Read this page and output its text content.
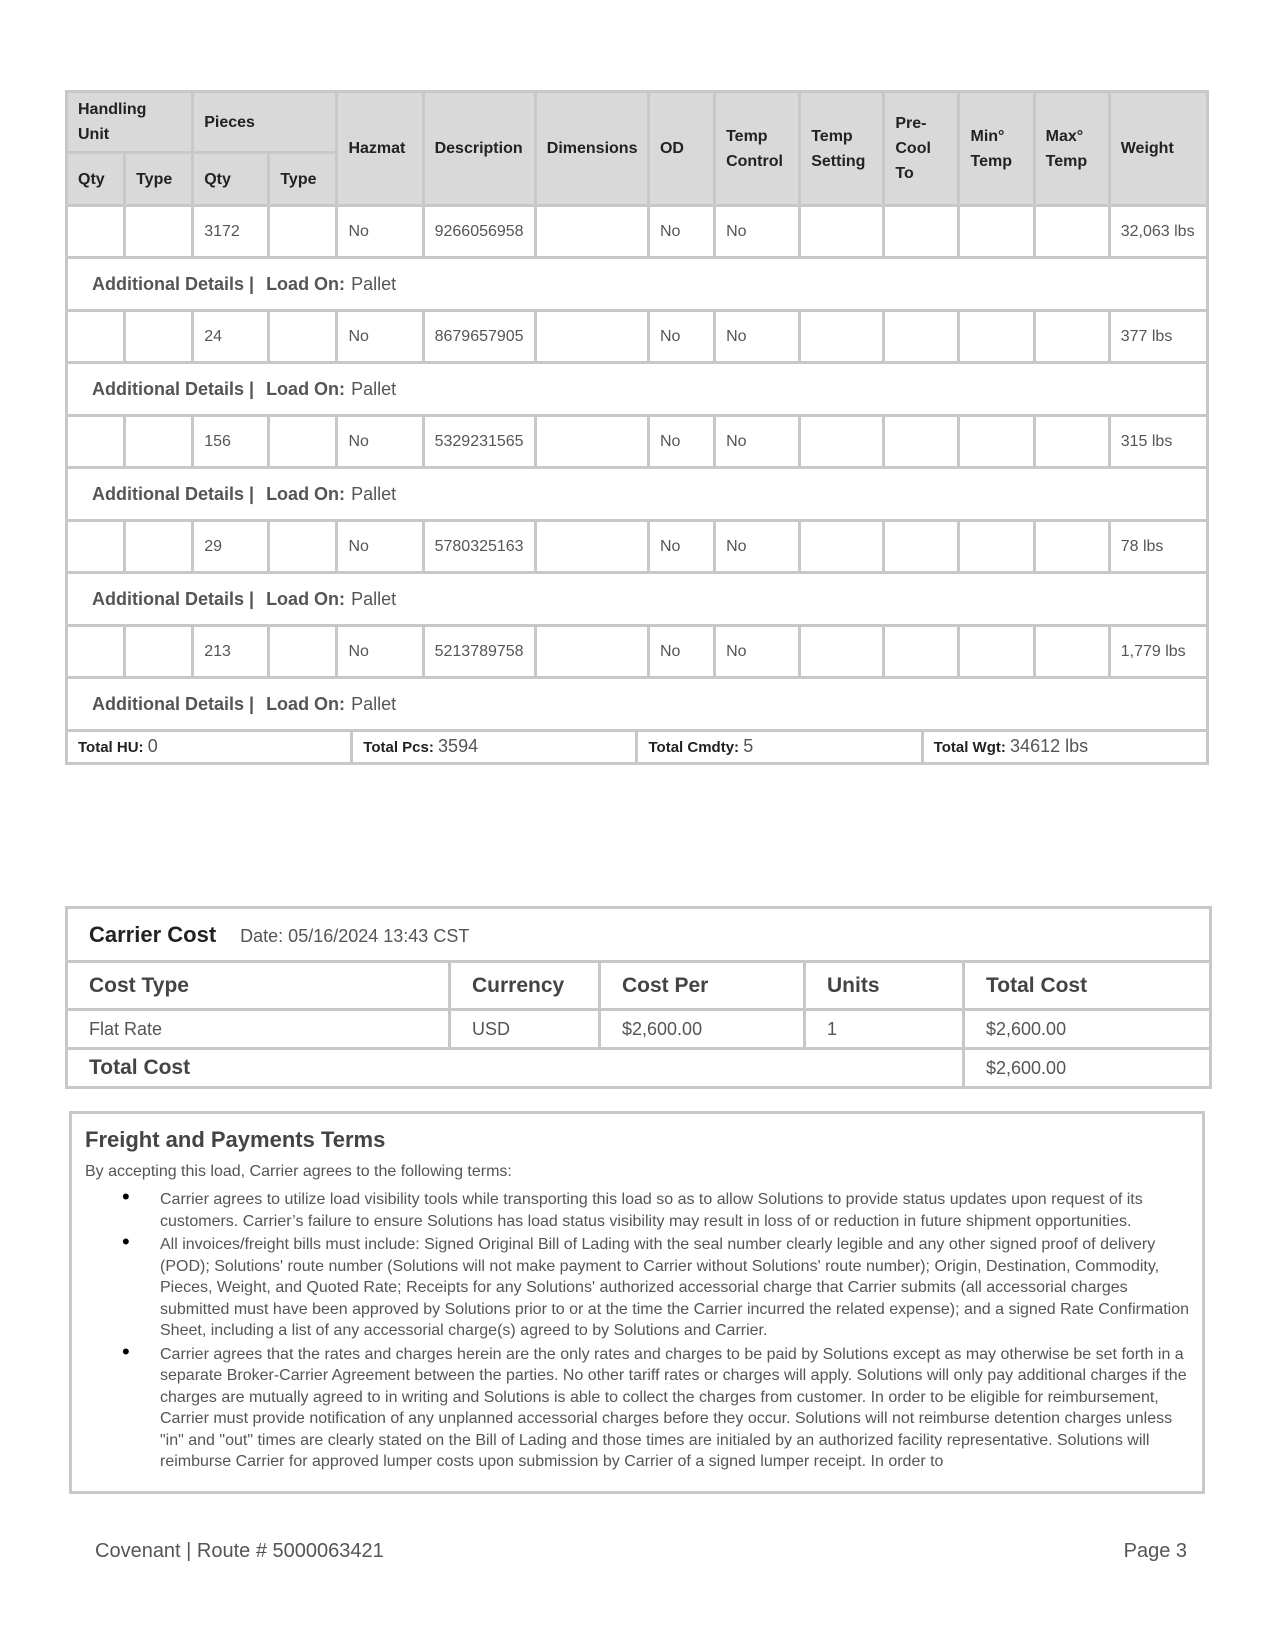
Handling Unit	Pieces	Hazmat	Description	Dimensions	OD	Temp Control	Temp Setting	Pre-Cool To	Min° Temp	Max° Temp	Weight
Qty	Type	Qty	Type
		3172		No	9266056958		No	No					32,063 lbs
Additional Details | Load On: Pallet
		24		No	8679657905		No	No					377 lbs
Additional Details | Load On: Pallet
		156		No	5329231565		No	No					315 lbs
Additional Details | Load On: Pallet
		29		No	5780325163		No	No					78 lbs
Additional Details | Load On: Pallet
		213		No	5213789758		No	No					1,779 lbs
Additional Details | Load On: Pallet

Total HU: 0	Total Pcs: 3594	Total Cmdty: 5	Total Wgt: 34612 lbs
Carrier Cost Date: 05/16/2024 13:43 CST				
Cost Type	Currency	Cost Per	Units	Total Cost
Flat Rate	USD	$2,600.00	1	$2,600.00
Total Cost				$2,600.00
Freight and Payments Terms

By accepting this load, Carrier agrees to the following terms:

• Carrier agrees to utilize load visibility tools while transporting this load so as to allow Solutions to provide status updates upon request of its customers. Carrier’s failure to ensure Solutions has load status visibility may result in loss of or reduction in future shipment opportunities.
• All invoices/freight bills must include: Signed Original Bill of Lading with the seal number clearly legible and any other signed proof of delivery (POD); Solutions' route number (Solutions will not make payment to Carrier without Solutions' route number); Origin, Destination, Commodity, Pieces, Weight, and Quoted Rate; Receipts for any Solutions' authorized accessorial charge that Carrier submits (all accessorial charges submitted must have been approved by Solutions prior to or at the time the Carrier incurred the related expense); and a signed Rate Confirmation Sheet, including a list of any accessorial charge(s) agreed to by Solutions and Carrier.
• Carrier agrees that the rates and charges herein are the only rates and charges to be paid by Solutions except as may otherwise be set forth in a separate Broker-Carrier Agreement between the parties. No other tariff rates or charges will apply. Solutions will only pay additional charges if the charges are mutually agreed to in writing and Solutions is able to collect the charges from customer. In order to be eligible for reimbursement, Carrier must provide notification of any unplanned accessorial charges before they occur. Solutions will not reimburse detention charges unless "in" and "out" times are clearly stated on the Bill of Lading and those times are initialed by an authorized facility representative. Solutions will reimburse Carrier for approved lumper costs upon submission by Carrier of a signed lumper receipt. In order to
Covenant | Route # 5000063421	Page 3
